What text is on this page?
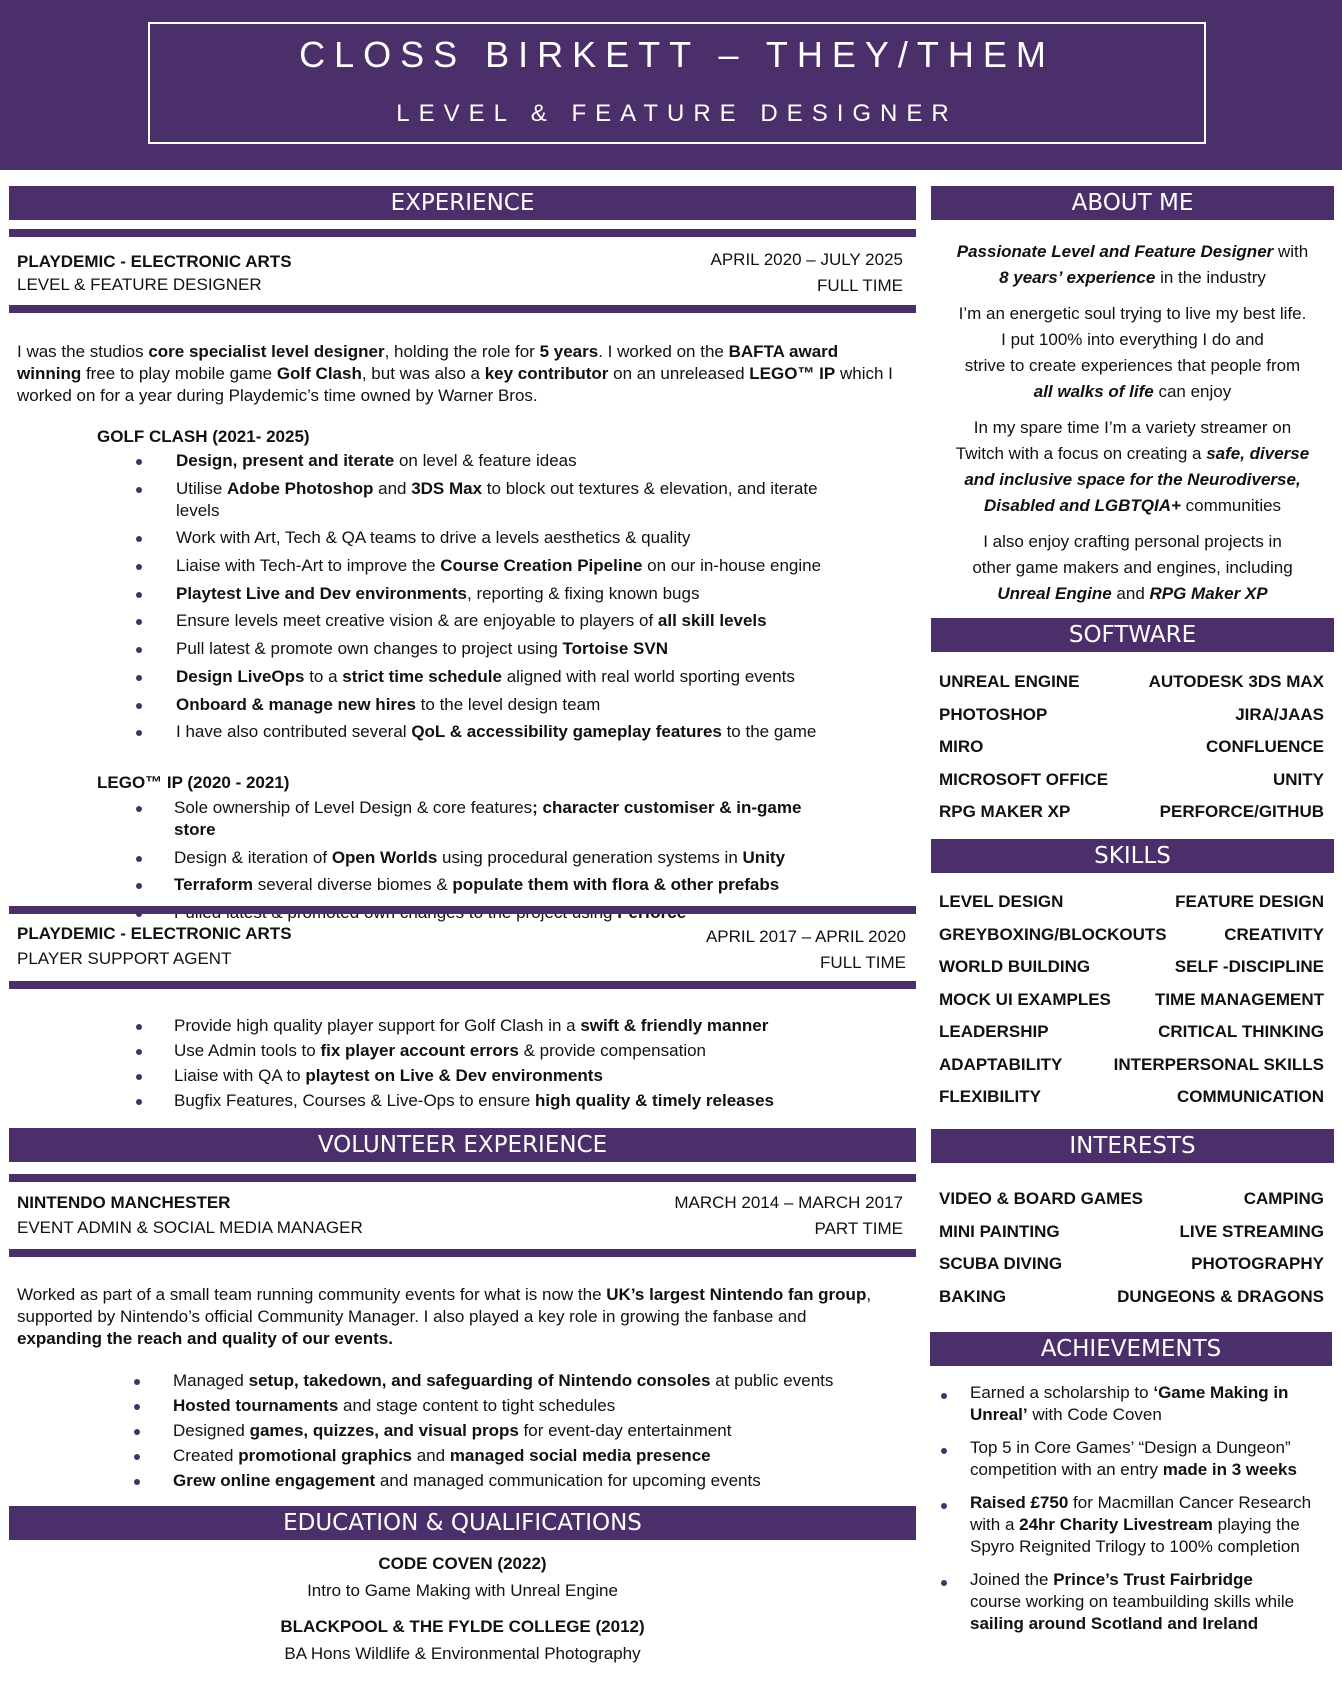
CLOSS BIRKETT – THEY/THEM
LEVEL & FEATURE DESIGNER
EXPERIENCE
PLAYDEMIC - ELECTRONIC ARTS
LEVEL & FEATURE DESIGNER
APRIL 2020 – JULY 2025
FULL TIME
I was the studios core specialist level designer, holding the role for 5 years. I worked on the BAFTA award winning free to play mobile game Golf Clash, but was also a key contributor on an unreleased LEGO™ IP which I worked on for a year during Playdemic’s time owned by Warner Bros.
GOLF CLASH (2021- 2025)
Design, present and iterate on level & feature ideas
Utilise Adobe Photoshop and 3DS Max to block out textures & elevation, and iterate levels
Work with Art, Tech & QA teams to drive a levels aesthetics & quality
Liaise with Tech-Art to improve the Course Creation Pipeline on our in-house engine
Playtest Live and Dev environments, reporting & fixing known bugs
Ensure levels meet creative vision & are enjoyable to players of all skill levels
Pull latest & promote own changes to project using Tortoise SVN
Design LiveOps to a strict time schedule aligned with real world sporting events
Onboard & manage new hires to the level design team
I have also contributed several QoL & accessibility gameplay features to the game
LEGO™ IP (2020 - 2021)
Sole ownership of Level Design & core features; character customiser & in-game store
Design & iteration of Open Worlds using procedural generation systems in Unity
Terraform several diverse biomes & populate them with flora & other prefabs
PLAYDEMIC - ELECTRONIC ARTS
PLAYER SUPPORT AGENT
APRIL 2017 – APRIL 2020
FULL TIME
Provide high quality player support for Golf Clash in a swift & friendly manner
Use Admin tools to fix player account errors & provide compensation
Liaise with QA to playtest on Live & Dev environments
Bugfix Features, Courses & Live-Ops to ensure high quality & timely releases
VOLUNTEER EXPERIENCE
NINTENDO MANCHESTER
EVENT ADMIN & SOCIAL MEDIA MANAGER
MARCH 2014 – MARCH 2017
PART TIME
Worked as part of a small team running community events for what is now the UK’s largest Nintendo fan group, supported by Nintendo’s official Community Manager. I also played a key role in growing the fanbase and expanding the reach and quality of our events.
Managed setup, takedown, and safeguarding of Nintendo consoles at public events
Hosted tournaments and stage content to tight schedules
Designed games, quizzes, and visual props for event-day entertainment
Created promotional graphics and managed social media presence
Grew online engagement and managed communication for upcoming events
EDUCATION & QUALIFICATIONS
CODE COVEN (2022)
Intro to Game Making with Unreal Engine
BLACKPOOL & THE FYLDE COLLEGE (2012)
BA Hons Wildlife & Environmental Photography
ABOUT ME

Passionate Level and Feature Designer with
8 years’ experience in the industry

I’m an energetic soul trying to live my best life.
I put 100% into everything I do and
strive to create experiences that people from
all walks of life can enjoy

In my spare time I’m a variety streamer on
Twitch with a focus on creating a safe, diverse
and inclusive space for the Neurodiverse,
Disabled and LGBTQIA+ communities

I also enjoy crafting personal projects in
other game makers and engines, including
Unreal Engine and RPG Maker XP

SOFTWARE
UNREAL ENGINE	AUTODESK 3DS MAX
PHOTOSHOP	JIRA/JAAS
MIRO	CONFLUENCE
MICROSOFT OFFICE	UNITY
RPG MAKER XP	PERFORCE/GITHUB
SKILLS
LEVEL DESIGN	FEATURE DESIGN
GREYBOXING/BLOCKOUTS	CREATIVITY
WORLD BUILDING	SELF -DISCIPLINE
MOCK UI EXAMPLES	TIME MANAGEMENT
LEADERSHIP	CRITICAL THINKING
ADAPTABILITY	INTERPERSONAL SKILLS
FLEXIBILITY	COMMUNICATION
INTERESTS
VIDEO & BOARD GAMES	CAMPING
MINI PAINTING	LIVE STREAMING
SCUBA DIVING	PHOTOGRAPHY
BAKING	DUNGEONS & DRAGONS
ACHIEVEMENTS
Earned a scholarship to ‘Game Making in
Unreal’ with Code Coven
Top 5 in Core Games’ “Design a Dungeon”
competition with an entry made in 3 weeks
Raised £750 for Macmillan Cancer Research
with a 24hr Charity Livestream playing the
Spyro Reignited Trilogy to 100% completion
Joined the Prince’s Trust Fairbridge
course working on teambuilding skills while
sailing around Scotland and Ireland
